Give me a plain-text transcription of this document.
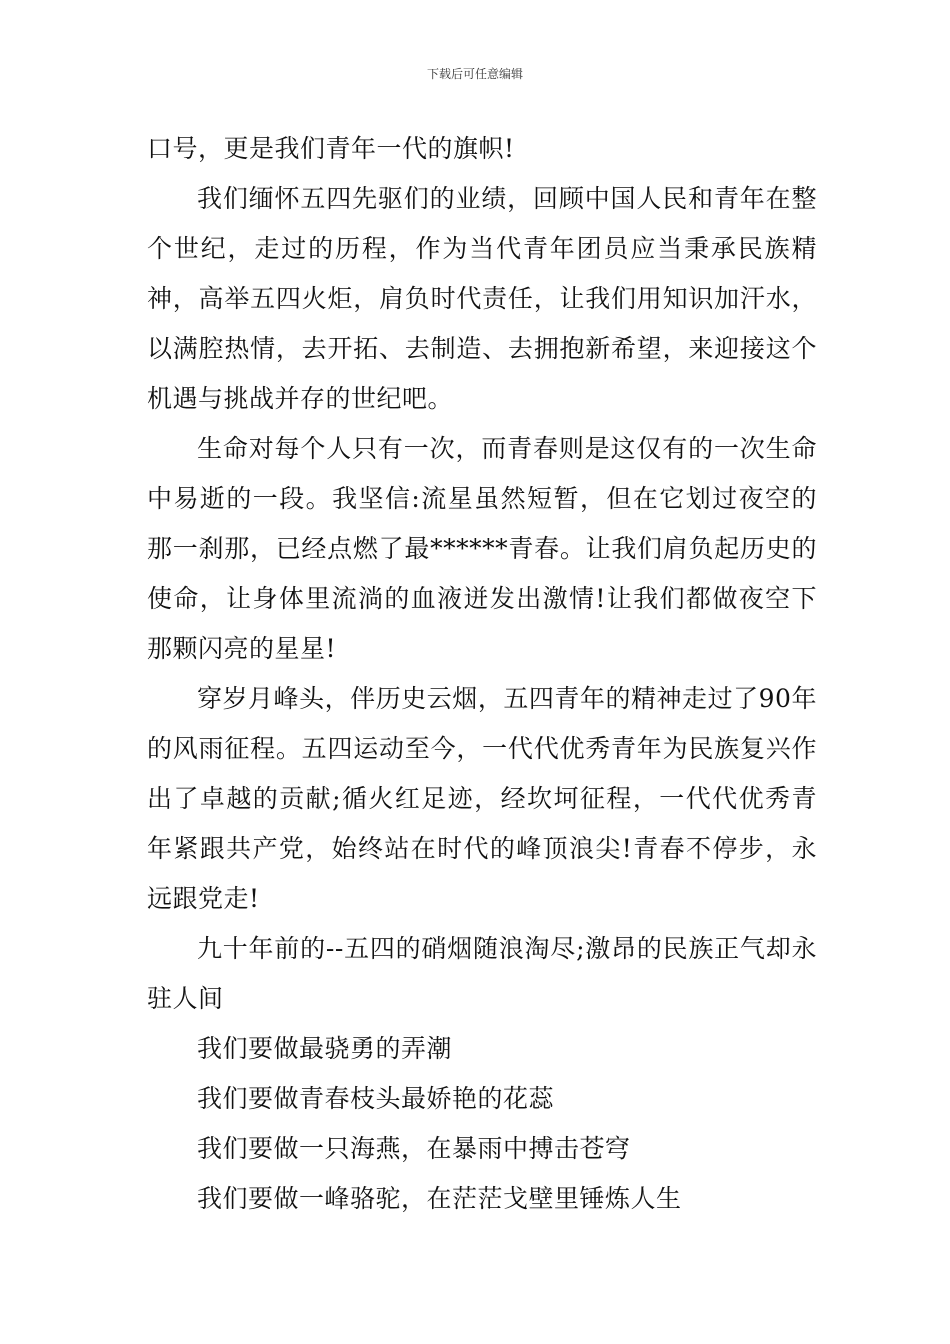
下载后可任意编辑

口号，更是我们青年一代的旗帜!

我们缅怀五四先驱们的业绩，回顾中国人民和青年在整个世纪，走过的历程，作为当代青年团员应当秉承民族精神，高举五四火炬，肩负时代责任，让我们用知识加汗水，以满腔热情，去开拓、去制造、去拥抱新希望，来迎接这个机遇与挑战并存的世纪吧。

生命对每个人只有一次，而青春则是这仅有的一次生命中易逝的一段。我坚信:流星虽然短暂，但在它划过夜空的那一刹那，已经点燃了最******青春。让我们肩负起历史的使命，让身体里流淌的血液迸发出激情!让我们都做夜空下那颗闪亮的星星!

穿岁月峰头，伴历史云烟，五四青年的精神走过了90年的风雨征程。五四运动至今，一代代优秀青年为民族复兴作出了卓越的贡献;循火红足迹，经坎坷征程，一代代优秀青年紧跟共产党，始终站在时代的峰顶浪尖!青春不停步，永远跟党走!

九十年前的--五四的硝烟随浪淘尽;激昂的民族正气却永驻人间

我们要做最骁勇的弄潮

我们要做青春枝头最娇艳的花蕊

我们要做一只海燕，在暴雨中搏击苍穹

我们要做一峰骆驼，在茫茫戈壁里锤炼人生
